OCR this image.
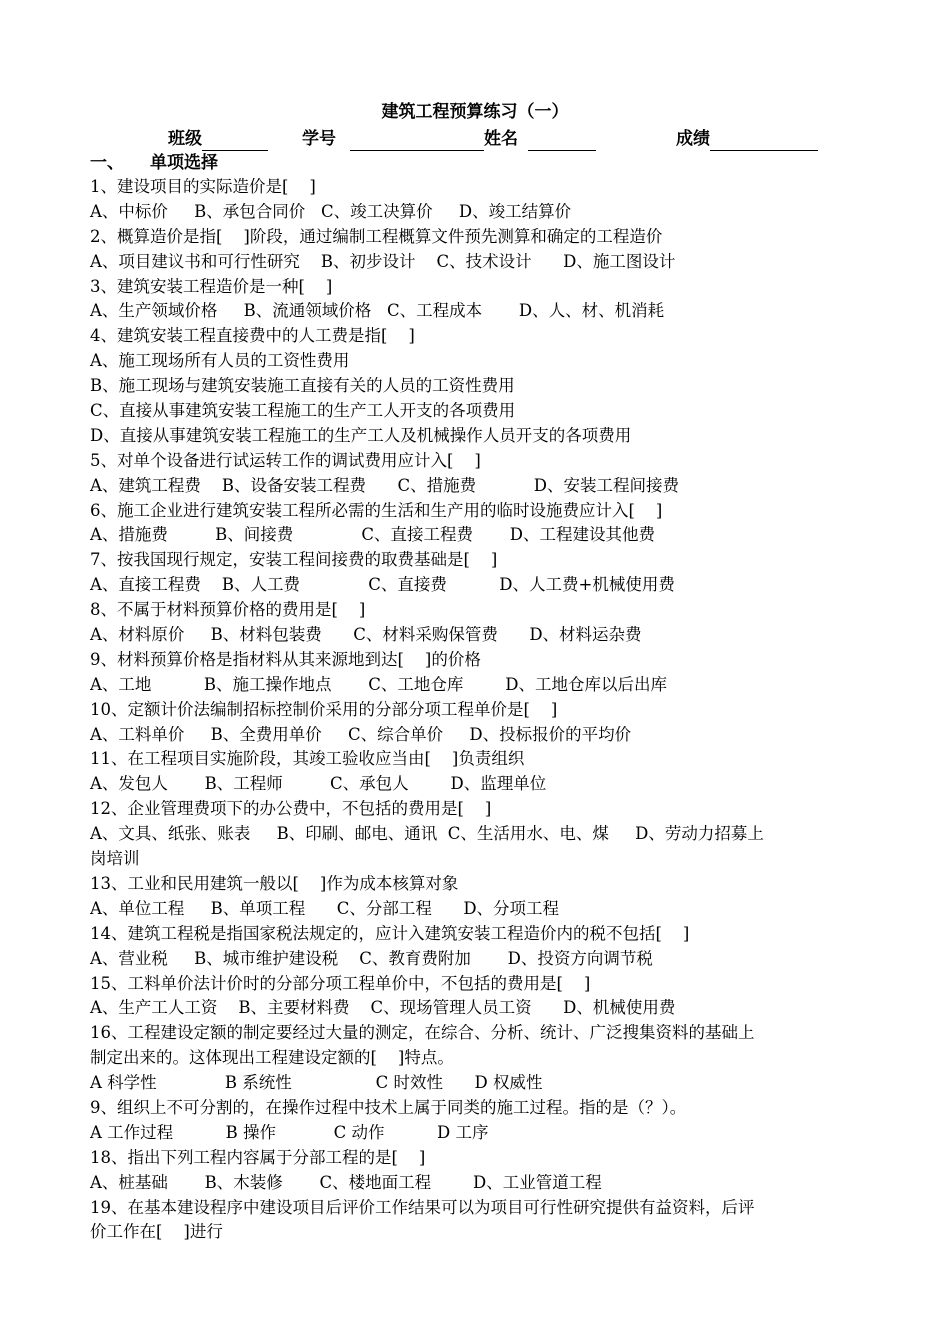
建筑工程预算练习（一）
班级	学号	姓名	成绩
一、 单项选择
1、建设项目的实际造价是[    ]
A、中标价     B、承包合同价   C、竣工决算价     D、竣工结算价
2、概算造价是指[    ]阶段，通过编制工程概算文件预先测算和确定的工程造价
A、项目建议书和可行性研究    B、初步设计    C、技术设计      D、施工图设计
3、建筑安装工程造价是一种[    ]
A、生产领域价格     B、流通领域价格   C、工程成本       D、人、材、机消耗
4、建筑安装工程直接费中的人工费是指[    ]
A、施工现场所有人员的工资性费用
B、施工现场与建筑安装施工直接有关的人员的工资性费用
C、直接从事建筑安装工程施工的生产工人开支的各项费用
D、直接从事建筑安装工程施工的生产工人及机械操作人员开支的各项费用
5、对单个设备进行试运转工作的调试费用应计入[    ]
A、建筑工程费    B、设备安装工程费      C、措施费           D、安装工程间接费
6、施工企业进行建筑安装工程所必需的生活和生产用的临时设施费应计入[    ]
A、措施费         B、间接费             C、直接工程费       D、工程建设其他费
7、按我国现行规定，安装工程间接费的取费基础是[    ]
A、直接工程费    B、人工费             C、直接费          D、人工费+机械使用费
8、不属于材料预算价格的费用是[    ]
A、材料原价     B、材料包装费      C、材料采购保管费      D、材料运杂费
9、材料预算价格是指材料从其来源地到达[    ]的价格
A、工地          B、施工操作地点       C、工地仓库        D、工地仓库以后出库
10、定额计价法编制招标控制价采用的分部分项工程单价是[    ]
A、工料单价     B、全费用单价     C、综合单价     D、投标报价的平均价
11、在工程项目实施阶段，其竣工验收应当由[    ]负责组织
A、发包人       B、工程师         C、承包人        D、监理单位
12、企业管理费项下的办公费中，不包括的费用是[    ]
A、文具、纸张、账表     B、印刷、邮电、通讯  C、生活用水、电、煤     D、劳动力招募上
岗培训
13、工业和民用建筑一般以[    ]作为成本核算对象
A、单位工程     B、单项工程      C、分部工程      D、分项工程
14、建筑工程税是指国家税法规定的，应计入建筑安装工程造价内的税不包括[    ]
A、营业税     B、城市维护建设税    C、教育费附加       D、投资方向调节税
15、工料单价法计价时的分部分项工程单价中，不包括的费用是[    ]
A、生产工人工资    B、主要材料费    C、现场管理人员工资      D、机械使用费
16、工程建设定额的制定要经过大量的测定，在综合、分析、统计、广泛搜集资料的基础上
制定出来的。这体现出工程建设定额的[    ]特点。
A 科学性             B 系统性                C 时效性      D 权威性
9、组织上不可分割的，在操作过程中技术上属于同类的施工过程。指的是（？）。
A 工作过程          B 操作           C 动作          D 工序
18、指出下列工程内容属于分部工程的是[    ]
A、桩基础       B、木装修       C、楼地面工程        D、工业管道工程
19、在基本建设程序中建设项目后评价工作结果可以为项目可行性研究提供有益资料，后评
价工作在[    ]进行
